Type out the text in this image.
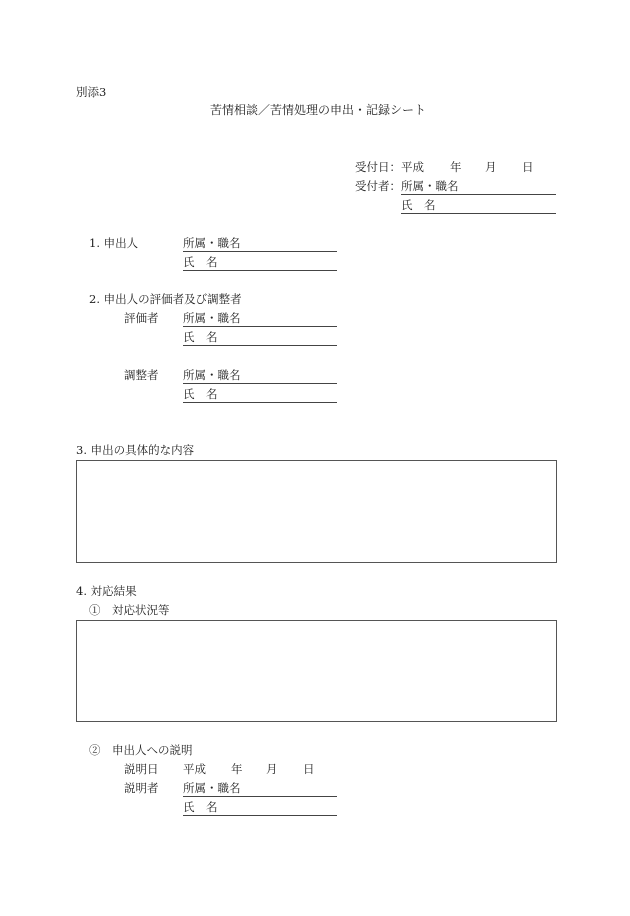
別添3
苦情相談／苦情処理の申出・記録シート
受付日：平成 年 月 日
受付者： 所属・職名
氏　名
1. 申出人	所属・職名
氏　名
2. 申出人の評価者及び調整者
評価者 所属・職名
氏　名
調整者 所属・職名
氏　名
3. 申出の具体的な内容
4. 対応結果
①　対応状況等
②　申出人への説明
説明日 平成 年 月 日
説明者 所属・職名
氏　名
